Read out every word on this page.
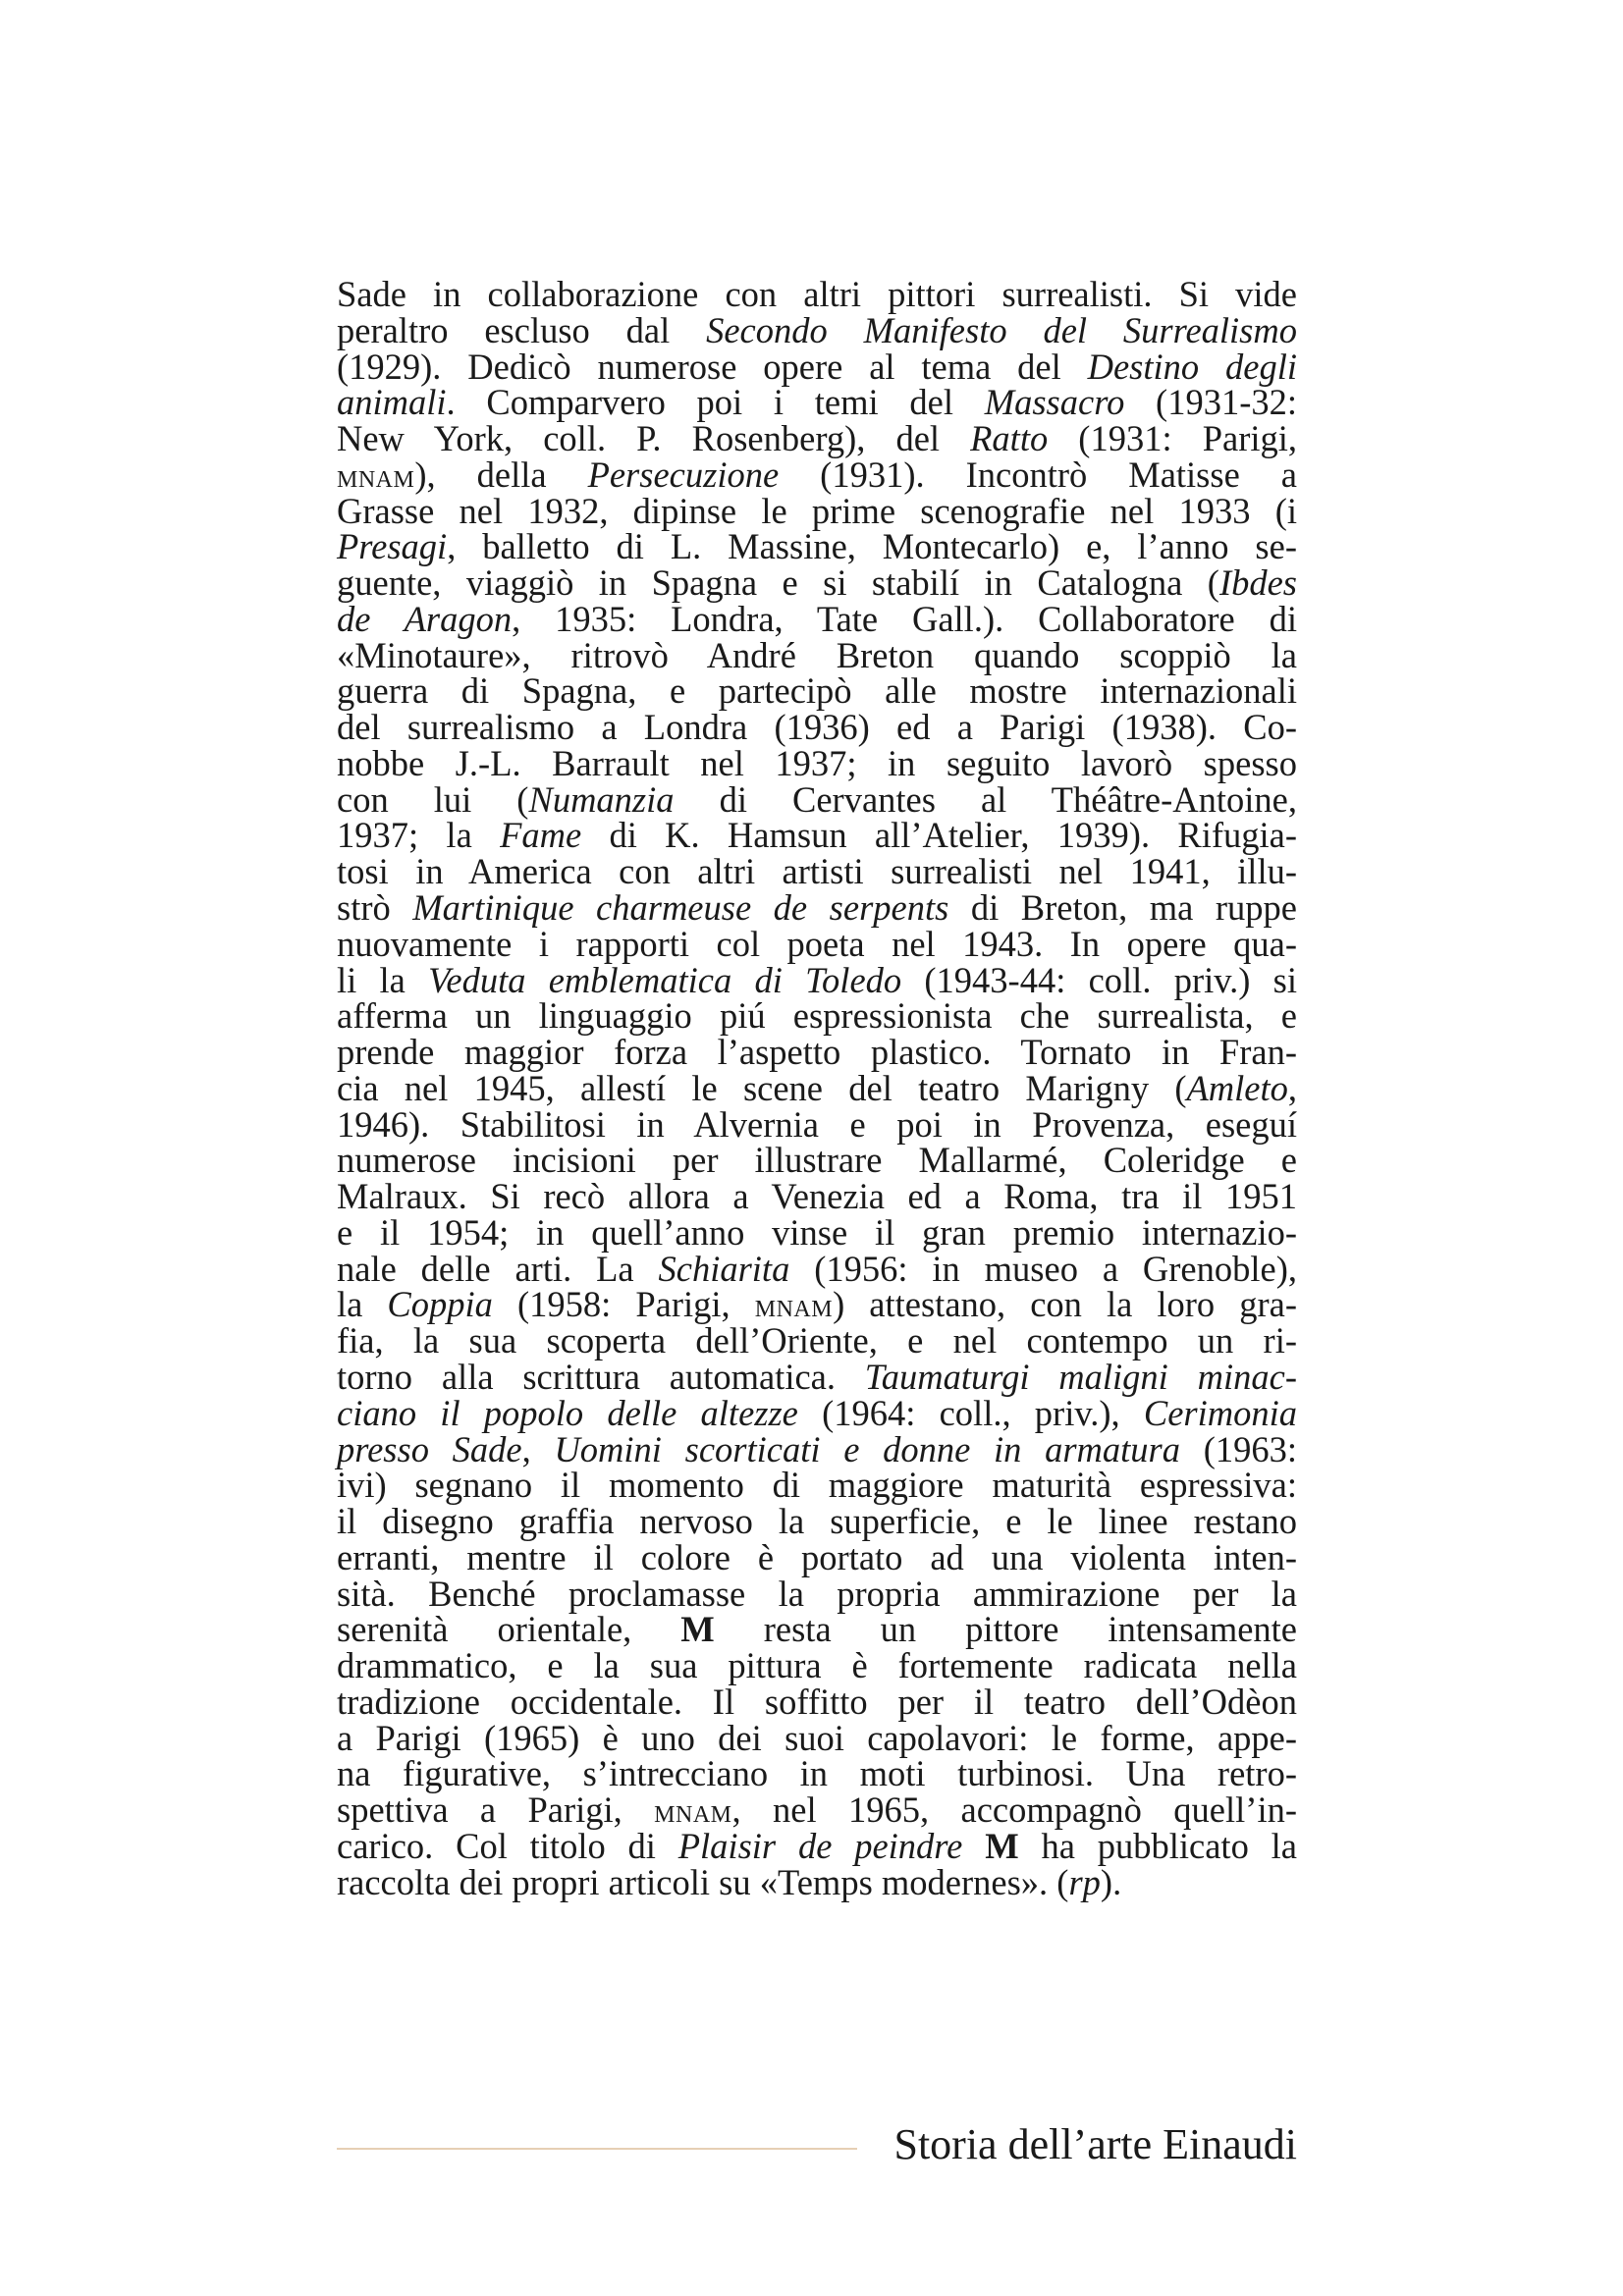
Sade in collaborazione con altri pittori surrealisti. Si vide
peraltro escluso dal Secondo Manifesto del Surrealismo
(1929). Dedicò numerose opere al tema del Destino degli
animali. Comparvero poi i temi del Massacro (1931-32:
New York, coll. P. Rosenberg), del Ratto (1931: Parigi,
mnam), della Persecuzione (1931). Incontrò Matisse a
Grasse nel 1932, dipinse le prime scenografie nel 1933 (i
Presagi, balletto di L. Massine, Montecarlo) e, l’anno se-
guente, viaggiò in Spagna e si stabilí in Catalogna (Ibdes
de Aragon, 1935: Londra, Tate Gall.). Collaboratore di
«Minotaure», ritrovò André Breton quando scoppiò la
guerra di Spagna, e partecipò alle mostre internazionali
del surrealismo a Londra (1936) ed a Parigi (1938). Co-
nobbe J.-L. Barrault nel 1937; in seguito lavorò spesso
con lui (Numanzia di Cervantes al Théâtre-Antoine,
1937; la Fame di K. Hamsun all’Atelier, 1939). Rifugia-
tosi in America con altri artisti surrealisti nel 1941, illu-
strò Martinique charmeuse de serpents di Breton, ma ruppe
nuovamente i rapporti col poeta nel 1943. In opere qua-
li la Veduta emblematica di Toledo (1943-44: coll. priv.) si
afferma un linguaggio piú espressionista che surrealista, e
prende maggior forza l’aspetto plastico. Tornato in Fran-
cia nel 1945, allestí le scene del teatro Marigny (Amleto,
1946). Stabilitosi in Alvernia e poi in Provenza, eseguí
numerose incisioni per illustrare Mallarmé, Coleridge e
Malraux. Si recò allora a Venezia ed a Roma, tra il 1951
e il 1954; in quell’anno vinse il gran premio internazio-
nale delle arti. La Schiarita (1956: in museo a Grenoble),
la Coppia (1958: Parigi, mnam) attestano, con la loro gra-
fia, la sua scoperta dell’Oriente, e nel contempo un ri-
torno alla scrittura automatica. Taumaturgi maligni minac-
ciano il popolo delle altezze (1964: coll., priv.), Cerimonia
presso Sade, Uomini scorticati e donne in armatura (1963:
ivi) segnano il momento di maggiore maturità espressiva:
il disegno graffia nervoso la superficie, e le linee restano
erranti, mentre il colore è portato ad una violenta inten-
sità. Benché proclamasse la propria ammirazione per la
serenità orientale, M resta un pittore intensamente
drammatico, e la sua pittura è fortemente radicata nella
tradizione occidentale. Il soffitto per il teatro dell’Odèon
a Parigi (1965) è uno dei suoi capolavori: le forme, appe-
na figurative, s’intrecciano in moti turbinosi. Una retro-
spettiva a Parigi, mnam, nel 1965, accompagnò quell’in-
carico. Col titolo di Plaisir de peindre M ha pubblicato la
raccolta dei propri articoli su «Temps modernes». (rp).
Storia dell’arte Einaudi
